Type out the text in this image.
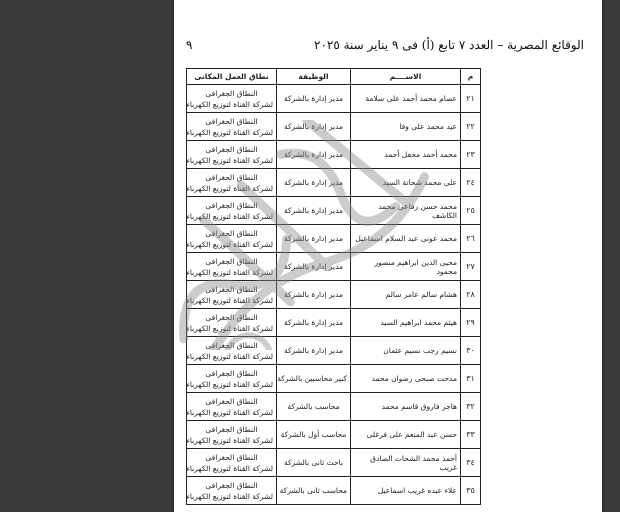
الوقائع المصرية – العدد ٧ تابع (أ) فى ٩ يناير سنة ٢٠٢٥
٩
م	الاســــم	الوظيفة	نطاق العمل المكانى
٢١	عصام محمد أحمد على سلامة	مدير إدارة بالشركة	النطاق الجغرافى
لشركة القناة لتوزيع الكهرباء

٢٢	عيد محمد على وفا	مدير إدارة بالشركة	النطاق الجغرافى
لشركة القناة لتوزيع الكهرباء

٢٣	محمد أحمد محفل أحمد	مدير إدارة بالشركة	النطاق الجغرافى
لشركة القناة لتوزيع الكهرباء

٢٤	على محمد شحاتة السيد	مدير إدارة بالشركة	النطاق الجغرافى
لشركة القناة لتوزيع الكهرباء

٢٥	محمد حسن رفاعى محمد الكاشف	مدير إدارة بالشركة	النطاق الجغرافى
لشركة القناة لتوزيع الكهرباء

٢٦	محمد عونى عبد السلام اسماعيل	مدير إدارة بالشركة	النطاق الجغرافى
لشركة القناة لتوزيع الكهرباء

٢٧	محيى الدين ابراهيم منصور محمود	مدير إدارة بالشركة	النطاق الجغرافى
لشركة القناة لتوزيع الكهرباء

٢٨	هشام سالم عامر سالم	مدير إدارة بالشركة	النطاق الجغرافى
لشركة القناة لتوزيع الكهرباء

٢٩	هيثم محمد ابراهيم السيد	مدير إدارة بالشركة	النطاق الجغرافى
لشركة القناة لتوزيع الكهرباء

٣٠	نسيم رجب نسيم عثمان	مدير إدارة بالشركة	النطاق الجغرافى
لشركة القناة لتوزيع الكهرباء

٣١	مدحت صبحى رضوان محمد	كبير محاسبين بالشركة	النطاق الجغرافى
لشركة القناة لتوزيع الكهرباء

٣٢	هاجر فاروق قاسم محمد	محاسب بالشركة	النطاق الجغرافى
لشركة القناة لتوزيع الكهرباء

٣٣	حسن عبد المنعم على فرغلى	محاسب أول بالشركة	النطاق الجغرافى
لشركة القناة لتوزيع الكهرباء

٣٤	أحمد محمد الشحات الصادق غريب	باحث ثانى بالشركة	النطاق الجغرافى
لشركة القناة لتوزيع الكهرباء

٣٥	علاء عبده غريب اسماعيل	محاسب ثانى بالشركة	النطاق الجغرافى
لشركة القناة لتوزيع الكهرباء
